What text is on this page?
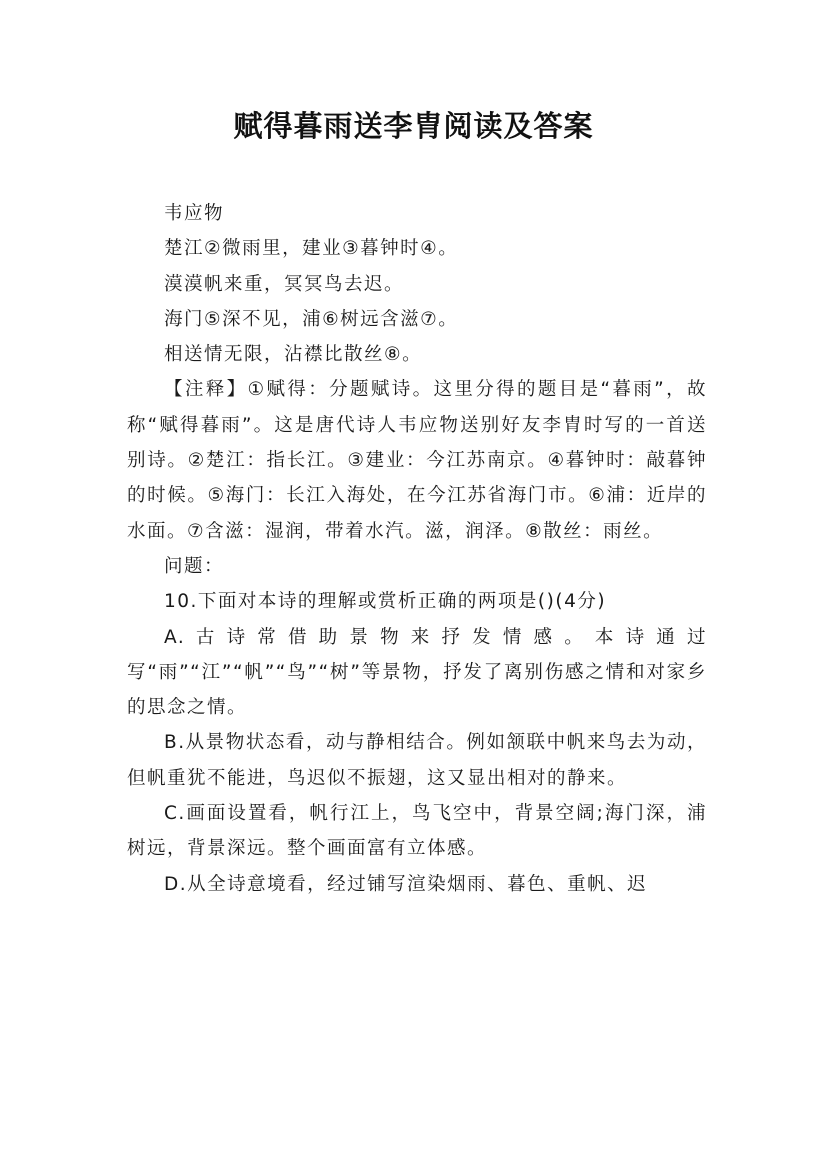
赋得暮雨送李胄阅读及答案

韦应物

楚江②微雨里，建业③暮钟时④。

漠漠帆来重，冥冥鸟去迟。

海门⑤深不见，浦⑥树远含滋⑦。

相送情无限，沾襟比散丝⑧。

【注释】①赋得：分题赋诗。这里分得的题目是“暮雨”，故称“赋得暮雨”。这是唐代诗人韦应物送别好友李胄时写的一首送别诗。②楚江：指长江。③建业：今江苏南京。④暮钟时：敲暮钟的时候。⑤海门：长江入海处，在今江苏省海门市。⑥浦：近岸的水面。⑦含滋：湿润，带着水汽。滋，润泽。⑧散丝：雨丝。

问题：

10.下面对本诗的理解或赏析正确的两项是()(4分)

A.古诗常借助景物来抒发情感。本诗通过写“雨”“江”“帆”“鸟”“树”等景物，抒发了离别伤感之情和对家乡的思念之情。

B.从景物状态看，动与静相结合。例如颔联中帆来鸟去为动，但帆重犹不能进，鸟迟似不振翅，这又显出相对的静来。

C.画面设置看，帆行江上，鸟飞空中，背景空阔;海门深，浦树远，背景深远。整个画面富有立体感。

D.从全诗意境看，经过铺写渲染烟雨、暮色、重帆、迟
